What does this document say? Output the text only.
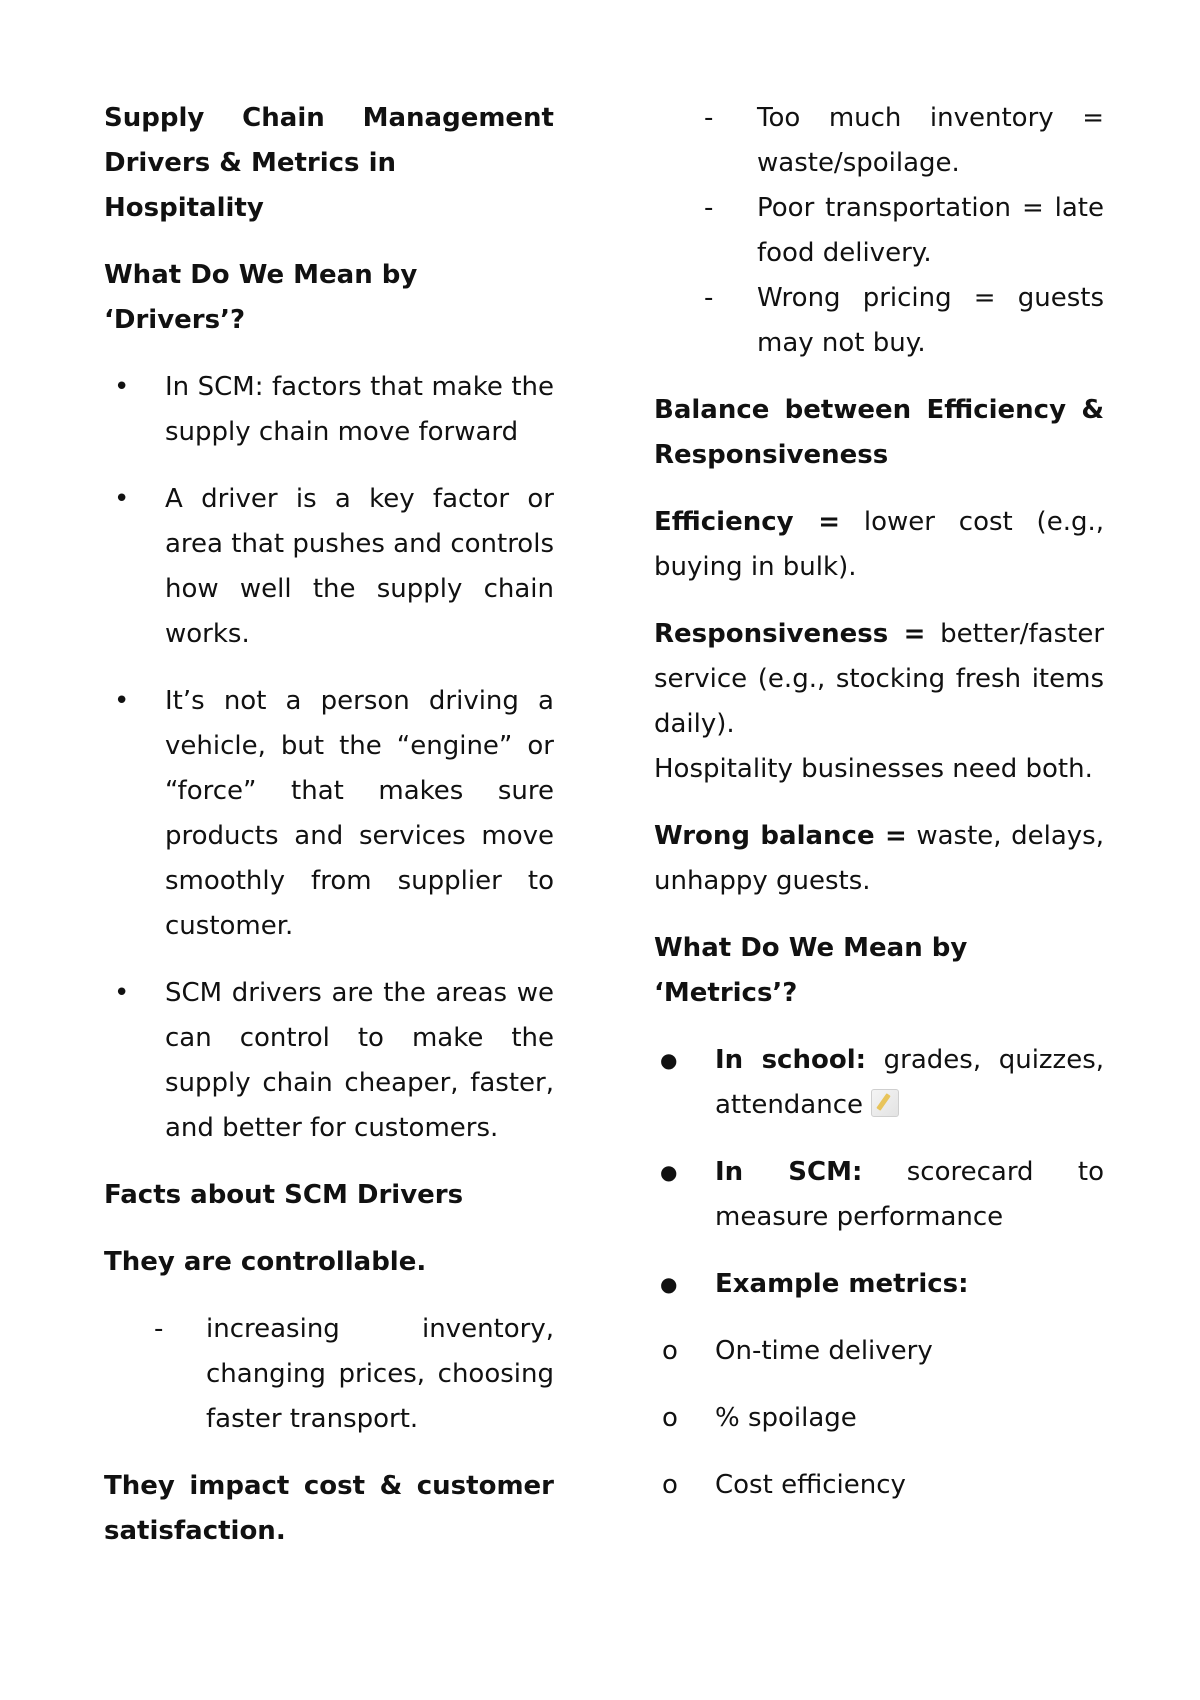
Supply Chain Management

Drivers & Metrics in Hospitality

What Do We Mean by ‘Drivers’?

• In SCM: factors that make the supply chain move forward

• A driver is a key factor or area that pushes and controls how well the supply chain works.

• It’s not a person driving a vehicle, but the “engine” or “force” that makes sure products and services move smoothly from supplier to customer.

• SCM drivers are the areas we can control to make the supply chain cheaper, faster, and better for customers.

Facts about SCM Drivers

They are controllable.

- increasing inventory, changing prices, choosing faster transport.

They impact cost & customer satisfaction.

- Too much inventory = waste/spoilage.

- Poor transportation = late food delivery.

- Wrong pricing = guests may not buy.

Balance between Efficiency & Responsiveness

Efficiency = lower cost (e.g., buying in bulk).

Responsiveness = better/faster service (e.g., stocking fresh items daily).

Hospitality businesses need both.

Wrong balance = waste, delays, unhappy guests.

What Do We Mean by ‘Metrics’?

● In school: grades, quizzes, attendance

● In SCM: scorecard to measure performance

● Example metrics:

o On-time delivery

o % spoilage

o Cost efficiency
